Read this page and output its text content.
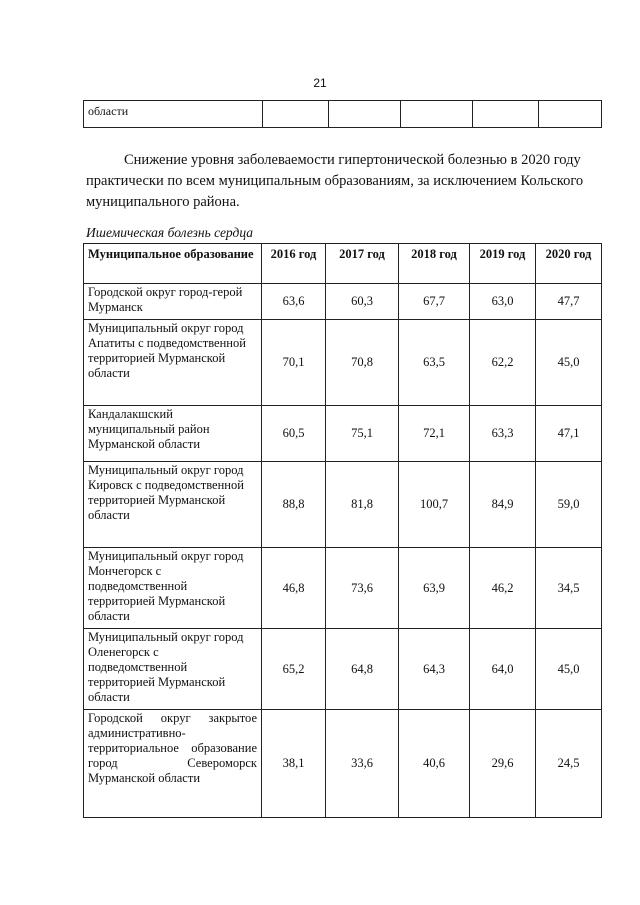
21
области					

Снижение уровня заболеваемости гипертонической болезнью в 2020 году практически по всем муниципальным образованиям, за исключением Кольского муниципального района.

Ишемическая болезнь сердца

Муниципальное образование	2016 год	2017 год	2018 год	2019 год	2020 год
Городской округ город-герой Мурманск	63,6	60,3	67,7	63,0	47,7
Муниципальный округ город Апатиты с подведомственной территорией Мурманской области	70,1	70,8	63,5	62,2	45,0
Кандалакшский муниципальный район Мурманской области	60,5	75,1	72,1	63,3	47,1
Муниципальный округ город Кировск с подведомственной территорией Мурманской области	88,8	81,8	100,7	84,9	59,0
Муниципальный округ город Мончегорск с подведомственной территорией Мурманской области	46,8	73,6	63,9	46,2	34,5
Муниципальный округ город Оленегорск с подведомственной территорией Мурманской области	65,2	64,8	64,3	64,0	45,0
Городской округ закрытое административно-территориальное образование город Североморск Мурманской области	38,1	33,6	40,6	29,6	24,5
